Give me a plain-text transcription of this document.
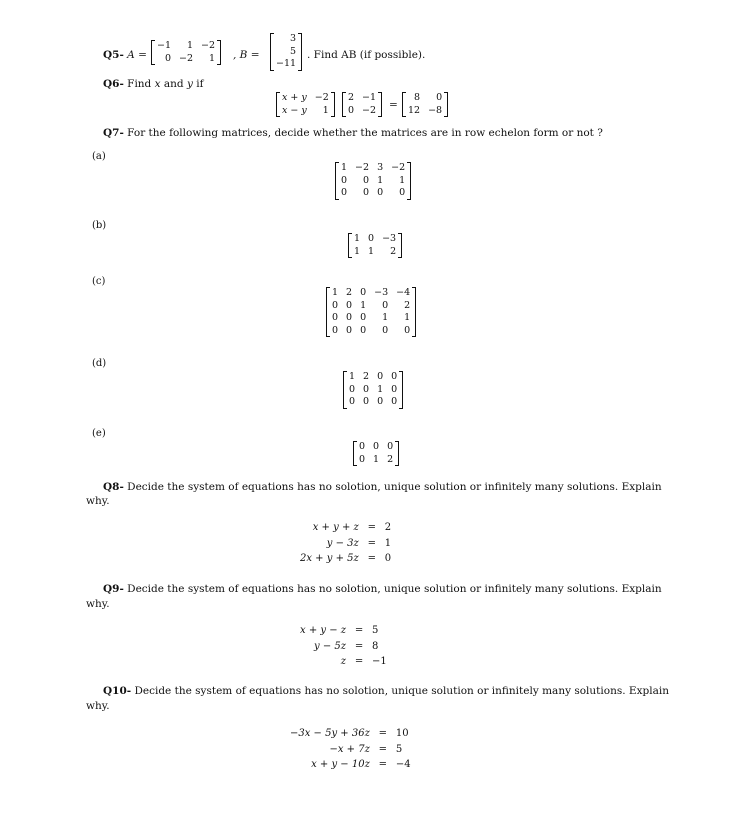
Q5- A =
−1	1	−2
0	−2	1 , B =
3
5
−11
. Find AB (if possible).
Q6- Find x and y if
x + y	−2
x − y	1
2	−1
0	−2 =
8	0
12	−8
Q7- For the following matrices, decide whether the matrices are in row echelon form or not ?
(a)
1	−2	3	−2
0	0	1	1
0	0	0	0
(b)
1	0	−3
1	1	2
(c)
1	2	0	−3	−4
0	0	1	0	2
0	0	0	1	1
0	0	0	0	0
(d)
1	2	0	0
0	0	1	0
0	0	0	0
(e)
0	0	0
0	1	2
Q8- Decide the system of equations has no solotion, unique solution or infinitely many solutions. Explain
why.
x + y + z	=	2
y − 3z	=	1
2x + y + 5z	=	0
Q9- Decide the system of equations has no solotion, unique solution or infinitely many solutions. Explain
why.
x + y − z	=	5
y − 5z	=	8
z	=	−1
Q10- Decide the system of equations has no solotion, unique solution or infinitely many solutions. Explain
why.
−3x − 5y + 36z	=	10
−x + 7z	=	5
x + y − 10z	=	−4
